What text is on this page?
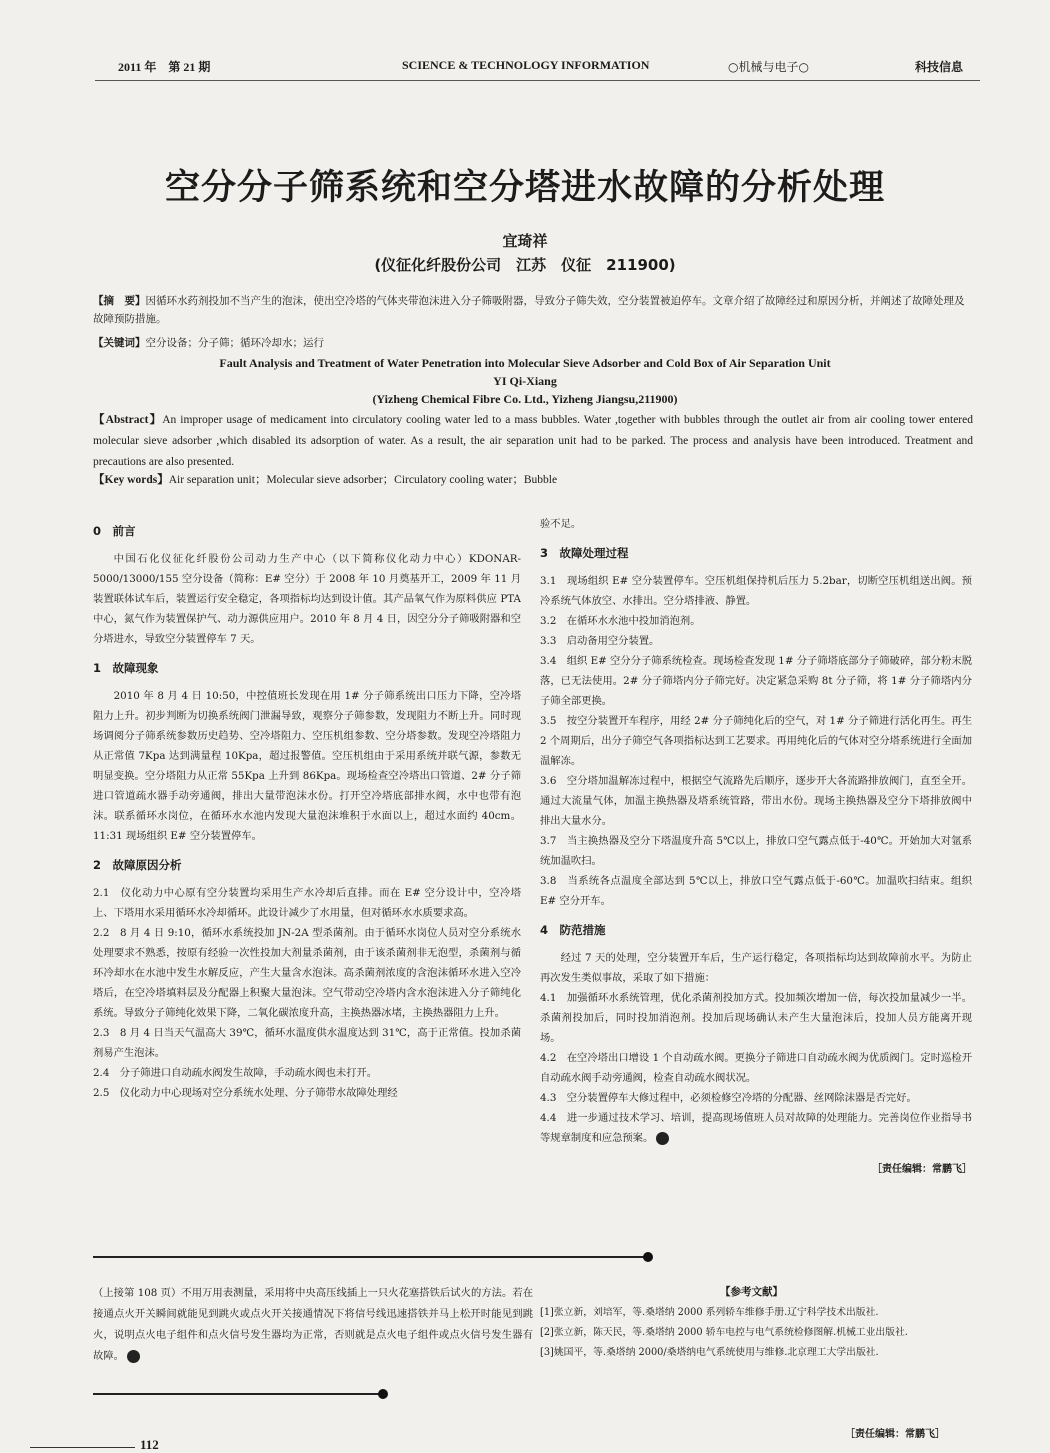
2011 年　第 21 期	SCIENCE & TECHNOLOGY INFORMATION	○机械与电子○	科技信息
空分分子筛系统和空分塔进水故障的分析处理
宜琦祥
(仪征化纤股份公司　江苏　仪征　211900)
【摘　要】因循环水药剂投加不当产生的泡沫，使出空冷塔的气体夹带泡沫进入分子筛吸附器，导致分子筛失效，空分装置被迫停车。文章介绍了故障经过和原因分析，并阐述了故障处理及故障预防措施。
【关键词】空分设备；分子筛；循环冷却水；运行
Fault Analysis and Treatment of Water Penetration into Molecular Sieve Adsorber and Cold Box of Air Separation Unit
YI Qi-Xiang
(Yizheng Chemical Fibre Co. Ltd., Yizheng Jiangsu,211900)
【Abstract】An improper usage of medicament into circulatory cooling water led to a mass bubbles. Water ,together with bubbles through the outlet air from air cooling tower entered molecular sieve adsorber ,which disabled its adsorption of water. As a result, the air separation unit had to be parked. The process and analysis have been introduced. Treatment and precautions are also presented.
【Key words】Air separation unit；Molecular sieve adsorber；Circulatory cooling water；Bubble

0　前言

中国石化仪征化纤股份公司动力生产中心（以下简称仪化动力中心）KDONAR-5000/13000/155 空分设备（简称：E# 空分）于 2008 年 10 月奠基开工，2009 年 11 月装置联体试车后，装置运行安全稳定，各项指标均达到设计值。其产品氧气作为原料供应 PTA 中心，氮气作为装置保护气、动力源供应用户。2010 年 8 月 4 日，因空分分子筛吸附器和空分塔进水，导致空分装置停车 7 天。

1　故障现象

2010 年 8 月 4 日 10:50，中控值班长发现在用 1# 分子筛系统出口压力下降，空冷塔阻力上升。初步判断为切换系统阀门泄漏导致，观察分子筛参数，发现阻力不断上升。同时现场调阅分子筛系统参数历史趋势、空冷塔阻力、空压机组参数、空分塔参数。发现空冷塔阻力从正常值 7Kpa 达到满量程 10Kpa，超过报警值。空压机组由于采用系统并联气源，参数无明显变换。空分塔阻力从正常 55Kpa 上升到 86Kpa。现场检查空冷塔出口管道、2# 分子筛进口管道疏水器手动旁通阀，排出大量带泡沫水份。打开空冷塔底部排水阀，水中也带有泡沫。联系循环水岗位，在循环水水池内发现大量泡沫堆积于水面以上，超过水面约 40cm。11:31 现场组织 E# 空分装置停车。

2　故障原因分析

2.1　仪化动力中心原有空分装置均采用生产水冷却后直排。而在 E# 空分设计中，空冷塔上、下塔用水采用循环水冷却循环。此设计减少了水用量，但对循环水水质要求高。

2.2　8 月 4 日 9:10，循环水系统投加 JN-2A 型杀菌剂。由于循环水岗位人员对空分系统水处理要求不熟悉，按原有经验一次性投加大剂量杀菌剂，由于该杀菌剂非无泡型，杀菌剂与循环冷却水在水池中发生水解反应，产生大量含水泡沫。高杀菌剂浓度的含泡沫循环水进入空冷塔后，在空冷塔填料层及分配器上积聚大量泡沫。空气带动空冷塔内含水泡沫进入分子筛纯化系统。导致分子筛纯化效果下降，二氧化碳浓度升高，主换热器冰堵，主换热器阻力上升。

2.3　8 月 4 日当天气温高大 39℃，循环水温度供水温度达到 31℃，高于正常值。投加杀菌剂易产生泡沫。

2.4　分子筛进口自动疏水阀发生故障，手动疏水阀也未打开。

2.5　仪化动力中心现场对空分系统水处理、分子筛带水故障处理经

验不足。

3　故障处理过程

3.1　现场组织 E# 空分装置停车。空压机组保持机后压力 5.2bar，切断空压机组送出阀。预冷系统气体放空、水排出。空分塔排液、静置。

3.2　在循环水水池中投加消泡剂。

3.3　启动备用空分装置。

3.4　组织 E# 空分分子筛系统检查。现场检查发现 1# 分子筛塔底部分子筛破碎，部分粉末脱落，已无法使用。2# 分子筛塔内分子筛完好。决定紧急采购 8t 分子筛，将 1# 分子筛塔内分子筛全部更换。

3.5　按空分装置开车程序，用经 2# 分子筛纯化后的空气，对 1# 分子筛进行活化再生。再生 2 个周期后，出分子筛空气各项指标达到工艺要求。再用纯化后的气体对空分塔系统进行全面加温解冻。

3.6　空分塔加温解冻过程中，根据空气流路先后顺序，逐步开大各流路排放阀门，直至全开。通过大流量气体，加温主换热器及塔系统管路，带出水份。现场主换热器及空分下塔排放阀中排出大量水分。

3.7　当主换热器及空分下塔温度升高 5℃以上，排放口空气露点低于-40℃。开始加大对氩系统加温吹扫。

3.8　当系统各点温度全部达到 5℃以上，排放口空气露点低于-60℃。加温吹扫结束。组织 E# 空分开车。

4　防范措施

经过 7 天的处理，空分装置开车后，生产运行稳定，各项指标均达到故障前水平。为防止再次发生类似事故，采取了如下措施：

4.1　加强循环水系统管理，优化杀菌剂投加方式。投加频次增加一倍，每次投加量减少一半。杀菌剂投加后，同时投加消泡剂。投加后现场确认未产生大量泡沫后，投加人员方能离开现场。

4.2　在空冷塔出口增设 1 个自动疏水阀。更换分子筛进口自动疏水阀为优质阀门。定时巡检开自动疏水阀手动旁通阀，检查自动疏水阀状况。

4.3　空分装置停车大修过程中，必须检修空冷塔的分配器、丝网除沫器是否完好。

4.4　进一步通过技术学习、培训，提高现场值班人员对故障的处理能力。完善岗位作业指导书等规章制度和应急预案。

［责任编辑：常鹏飞］

（上接第 108 页）不用万用表测量，采用将中央高压线插上一只火花塞搭铁后试火的方法。若在接通点火开关瞬间就能见到跳火或点火开关接通情况下将信号线迅速搭铁并马上松开时能见到跳火，说明点火电子组件和点火信号发生器均为正常，否则就是点火电子组件或点火信号发生器有故障。
【参考文献】
[1]张立新，刘培军，等.桑塔纳 2000 系列轿车维修手册.辽宁科学技术出版社.
[2]张立新，陈天民，等.桑塔纳 2000 轿车电控与电气系统检修图解.机械工业出版社.
[3]姚国平，等.桑塔纳 2000/桑塔纳电气系统使用与维修.北京理工大学出版社.
［责任编辑：常鹏飞］
112
